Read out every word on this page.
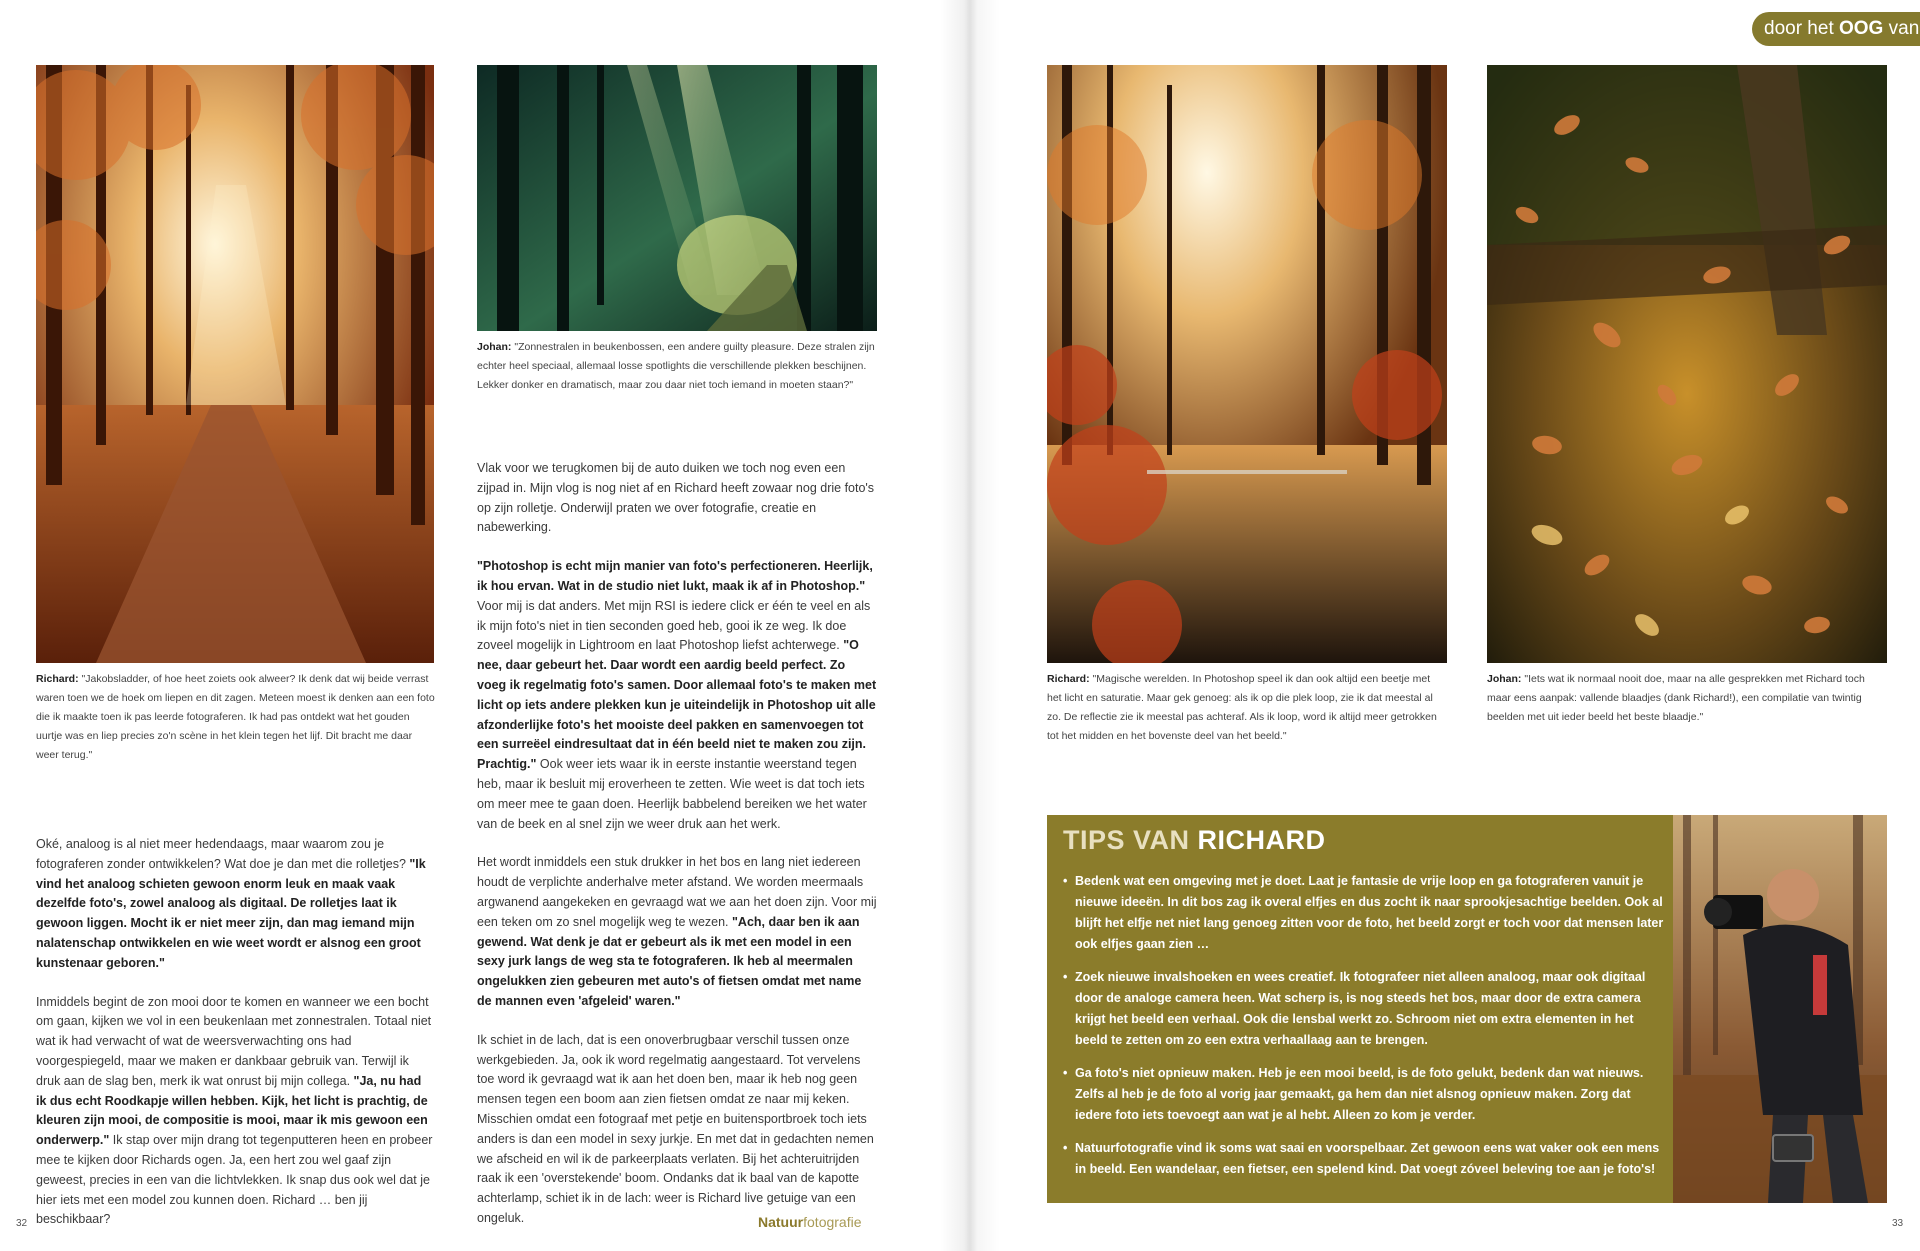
Richard: "Jakobsladder, of hoe heet zoiets ook alweer? Ik denk dat wij beide verrast waren toen we de hoek om liepen en dit zagen. Meteen moest ik denken aan een foto die ik maakte toen ik pas leerde fotograferen. Ik had pas ontdekt wat het gouden uurtje was en liep precies zo'n scène in het klein tegen het lijf. Dit bracht me daar weer terug."
Johan: "Zonnestralen in beukenbossen, een andere guilty pleasure. Deze stralen zijn echter heel speciaal, allemaal losse spotlights die verschillende plekken beschijnen. Lekker donker en dramatisch, maar zou daar niet toch iemand in moeten staan?"

Oké, analoog is al niet meer hedendaags, maar waarom zou je fotograferen zonder ontwikkelen? Wat doe je dan met die rolletjes? "Ik vind het analoog schieten gewoon enorm leuk en maak vaak dezelfde foto's, zowel analoog als digitaal. De rolletjes laat ik gewoon liggen. Mocht ik er niet meer zijn, dan mag iemand mijn nalatenschap ontwikkelen en wie weet wordt er alsnog een groot kunstenaar geboren."

Inmiddels begint de zon mooi door te komen en wanneer we een bocht om gaan, kijken we vol in een beukenlaan met zonnestralen. Totaal niet wat ik had verwacht of wat de weersverwachting ons had voorgespiegeld, maar we maken er dankbaar gebruik van. Terwijl ik druk aan de slag ben, merk ik wat onrust bij mijn collega. "Ja, nu had ik dus echt Roodkapje willen hebben. Kijk, het licht is prachtig, de kleuren zijn mooi, de compositie is mooi, maar ik mis gewoon een onderwerp." Ik stap over mijn drang tot tegenputteren heen en probeer mee te kijken door Richards ogen. Ja, een hert zou wel gaaf zijn geweest, precies in een van die lichtvlekken. Ik snap dus ook wel dat je hier iets met een model zou kunnen doen. Richard … ben jij beschikbaar?

Vlak voor we terugkomen bij de auto duiken we toch nog even een zijpad in. Mijn vlog is nog niet af en Richard heeft zowaar nog drie foto's op zijn rolletje. Onderwijl praten we over fotografie, creatie en nabewerking.

"Photoshop is echt mijn manier van foto's perfectioneren. Heerlijk, ik hou ervan. Wat in de studio niet lukt, maak ik af in Photoshop." Voor mij is dat anders. Met mijn RSI is iedere click er één te veel en als ik mijn foto's niet in tien seconden goed heb, gooi ik ze weg. Ik doe zoveel mogelijk in Lightroom en laat Photoshop liefst achterwege. "O nee, daar gebeurt het. Daar wordt een aardig beeld perfect. Zo voeg ik regelmatig foto's samen. Door allemaal foto's te maken met licht op iets andere plekken kun je uiteindelijk in Photoshop uit alle afzonderlijke foto's het mooiste deel pakken en samenvoegen tot een surreëel eindresultaat dat in één beeld niet te maken zou zijn. Prachtig." Ook weer iets waar ik in eerste instantie weerstand tegen heb, maar ik besluit mij eroverheen te zetten. Wie weet is dat toch iets om meer mee te gaan doen. Heerlijk babbelend bereiken we het water van de beek en al snel zijn we weer druk aan het werk.

Het wordt inmiddels een stuk drukker in het bos en lang niet iedereen houdt de verplichte anderhalve meter afstand. We worden meermaals argwanend aangekeken en gevraagd wat we aan het doen zijn. Voor mij een teken om zo snel mogelijk weg te wezen. "Ach, daar ben ik aan gewend. Wat denk je dat er gebeurt als ik met een model in een sexy jurk langs de weg sta te fotograferen. Ik heb al meermalen ongelukken zien gebeuren met auto's of fietsen omdat met name de mannen even 'afgeleid' waren."

Ik schiet in de lach, dat is een onoverbrugbaar verschil tussen onze werkgebieden. Ja, ook ik word regelmatig aangestaard. Tot vervelens toe word ik gevraagd wat ik aan het doen ben, maar ik heb nog geen mensen tegen een boom aan zien fietsen omdat ze naar mij keken. Misschien omdat een fotograaf met petje en buitensportbroek toch iets anders is dan een model in sexy jurkje. En met dat in gedachten nemen we afscheid en wil ik de parkeerplaats verlaten. Bij het achteruitrijden raak ik een 'overstekende' boom. Ondanks dat ik baal van de kapotte achterlamp, schiet ik in de lach: weer is Richard live getuige van een ongeluk.

32	Natuurfotografie
Richard: "Magische werelden. In Photoshop speel ik dan ook altijd een beetje met het licht en saturatie. Maar gek genoeg: als ik op die plek loop, zie ik dat meestal al zo. De reflectie zie ik meestal pas achteraf. Als ik loop, word ik altijd meer getrokken tot het midden en het bovenste deel van het beeld."
Johan: "Iets wat ik normaal nooit doe, maar na alle gesprekken met Richard toch maar eens aanpak: vallende blaadjes (dank Richard!), een compilatie van twintig beelden met uit ieder beeld het beste blaadje."
33
door het OOG van
TIPS VAN RICHARD
• Bedenk wat een omgeving met je doet. Laat je fantasie de vrije loop en ga fotograferen vanuit je nieuwe ideeën. In dit bos zag ik overal elfjes en dus zocht ik naar sprookjesachtige beelden. Ook al blijft het elfje net niet lang genoeg zitten voor de foto, het beeld zorgt er toch voor dat mensen later ook elfjes gaan zien …
• Zoek nieuwe invalshoeken en wees creatief. Ik fotografeer niet alleen analoog, maar ook digitaal door de analoge camera heen. Wat scherp is, is nog steeds het bos, maar door de extra camera krijgt het beeld een verhaal. Ook die lensbal werkt zo. Schroom niet om extra elementen in het beeld te zetten om zo een extra verhaallaag aan te brengen.
• Ga foto's niet opnieuw maken. Heb je een mooi beeld, is de foto gelukt, bedenk dan wat nieuws. Zelfs al heb je de foto al vorig jaar gemaakt, ga hem dan niet alsnog opnieuw maken. Zorg dat iedere foto iets toevoegt aan wat je al hebt. Alleen zo kom je verder.
• Natuurfotografie vind ik soms wat saai en voorspelbaar. Zet gewoon eens wat vaker ook een mens in beeld. Een wandelaar, een fietser, een spelend kind. Dat voegt zóveel beleving toe aan je foto's!
